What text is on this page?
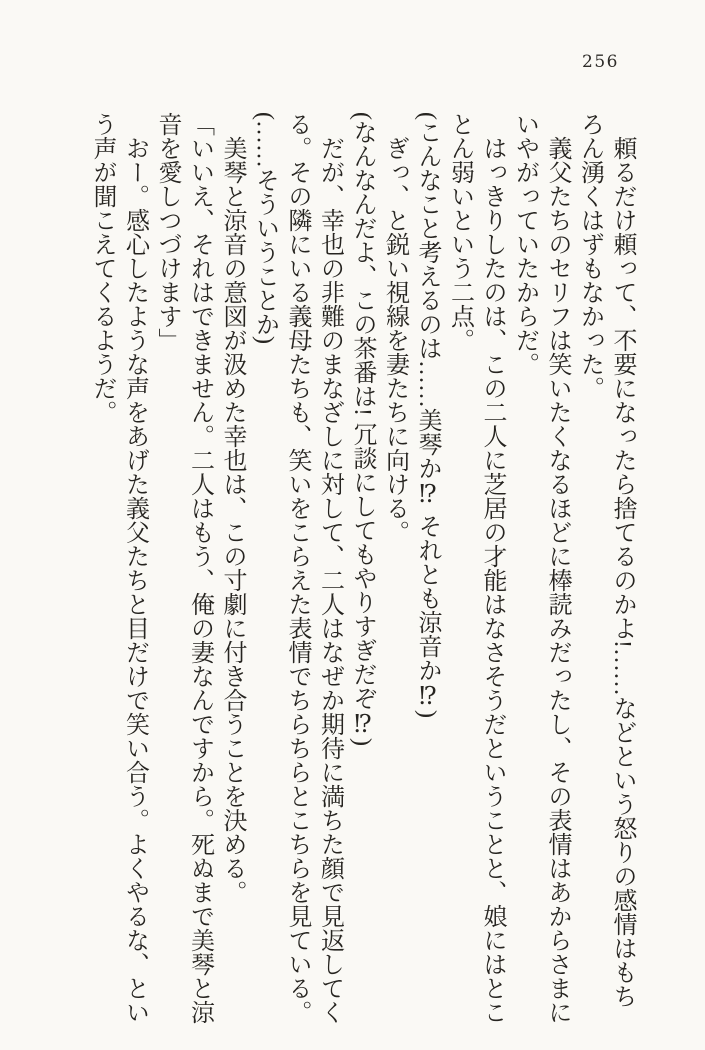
256

頼るだけ頼って、不要になったら捨てるのかよ!……などという怒りの感情はもちろん湧くはずもなかった。

義父たちのセリフは笑いたくなるほどに棒読みだったし、その表情はあからさまにいやがっていたからだ。

はっきりしたのは、この二人に芝居の才能はなさそうだということと、娘にはとことん弱いという二点。

(こんなこと考えるのは……美琴か⁉ それとも涼音か⁉)

ぎっ、と鋭い視線を妻たちに向ける。

(なんなんだよ、この茶番は! 冗談にしてもやりすぎだぞ⁉)

だが、幸也の非難のまなざしに対して、二人はなぜか期待に満ちた顔で見返してくる。その隣にいる義母たちも、笑いをこらえた表情でちらちらとこちらを見ている。

(……そういうことか)

美琴と涼音の意図が汲めた幸也は、この寸劇に付き合うことを決める。

「いいえ、それはできません。二人はもう、俺の妻なんですから。死ぬまで美琴と涼音を愛しつづけます」

おー。感心したような声をあげた義父たちと目だけで笑い合う。よくやるな、という声が聞こえてくるようだ。
